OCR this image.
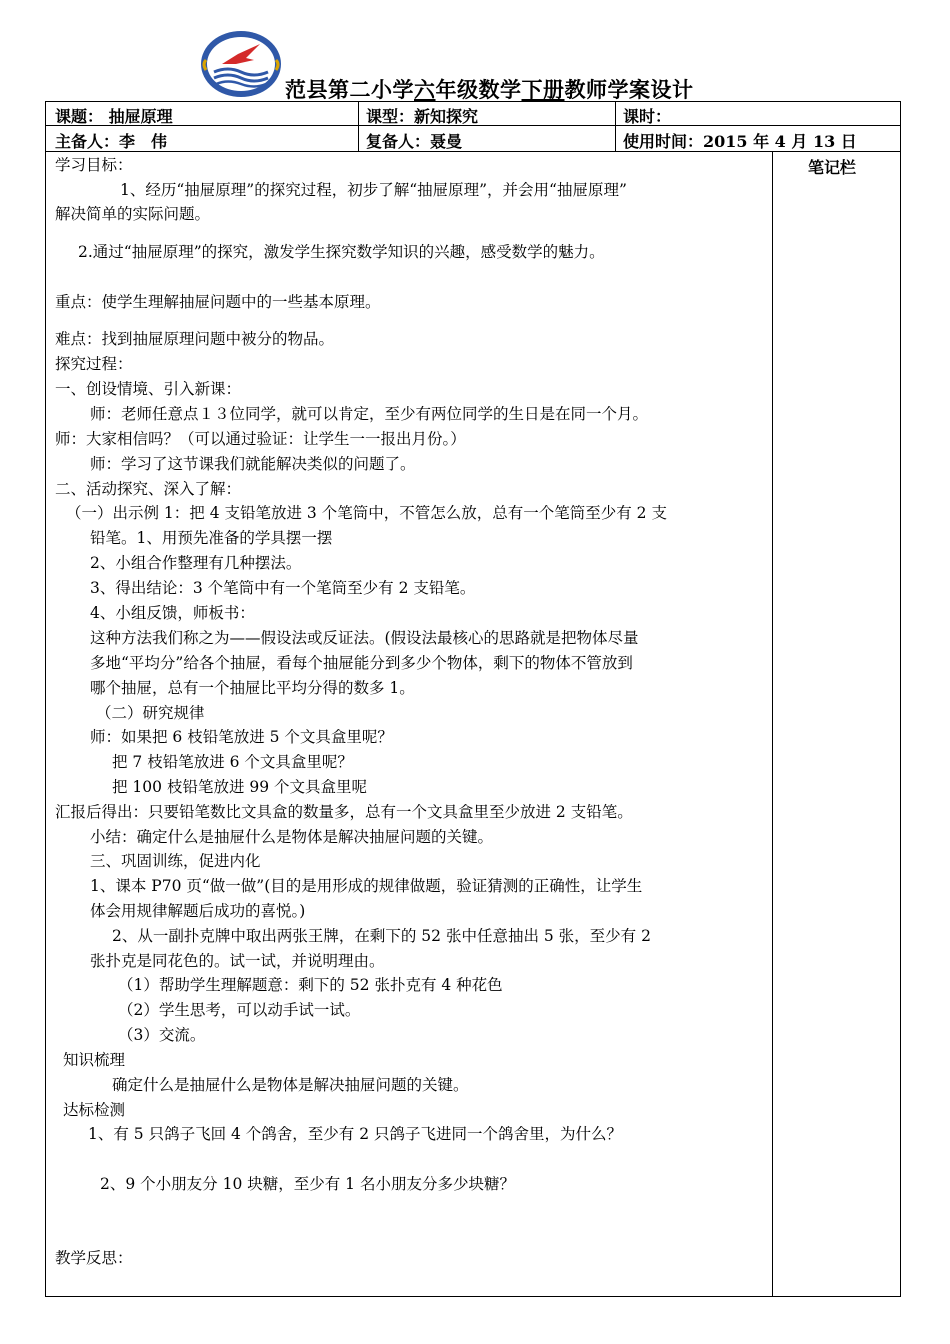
范县第二小学六年级数学下册教师学案设计
课题： 抽屉原理	课型：新知探究	课时：
主备人：李　伟	复备人：聂曼	使用时间：2015 年 4 月 13 日
笔记栏
学习目标：
1、经历“抽屉原理”的探究过程，初步了解“抽屉原理”，并会用“抽屉原理”
解决简单的实际问题。
2.通过“抽屉原理”的探究，激发学生探究数学知识的兴趣，感受数学的魅力。
重点：使学生理解抽屉问题中的一些基本原理。
难点：找到抽屉原理问题中被分的物品。
探究过程：
一、创设情境、引入新课：
师：老师任意点１３位同学，就可以肯定，至少有两位同学的生日是在同一个月。
师：大家相信吗？（可以通过验证：让学生一一报出月份。）
师：学习了这节课我们就能解决类似的问题了。
二、活动探究、深入了解：
（一）出示例 1：把 4 支铅笔放进 3 个笔筒中，不管怎么放，总有一个笔筒至少有 2 支
铅笔。1、用预先准备的学具摆一摆
2、小组合作整理有几种摆法。
3、得出结论：3 个笔筒中有一个笔筒至少有 2 支铅笔。
4、小组反馈，师板书：
这种方法我们称之为——假设法或反证法。(假设法最核心的思路就是把物体尽量
多地“平均分”给各个抽屉，看每个抽屉能分到多少个物体，剩下的物体不管放到
哪个抽屉，总有一个抽屉比平均分得的数多 1。
（二）研究规律
师：如果把 6 枝铅笔放进 5 个文具盒里呢？
把 7 枝铅笔放进 6 个文具盒里呢？
把 100 枝铅笔放进 99 个文具盒里呢
汇报后得出：只要铅笔数比文具盒的数量多，总有一个文具盒里至少放进 2 支铅笔。
小结：确定什么是抽屉什么是物体是解决抽屉问题的关键。
三、巩固训练，促进内化
1、课本 P70 页“做一做”(目的是用形成的规律做题，验证猜测的正确性，让学生
体会用规律解题后成功的喜悦。)
2、从一副扑克牌中取出两张王牌，在剩下的 52 张中任意抽出 5 张，至少有 2
张扑克是同花色的。试一试，并说明理由。
（1）帮助学生理解题意：剩下的 52 张扑克有 4 种花色
（2）学生思考，可以动手试一试。
（3）交流。
知识梳理
确定什么是抽屉什么是物体是解决抽屉问题的关键。
达标检测
1、有 5 只鸽子飞回 4 个鸽舍，至少有 2 只鸽子飞进同一个鸽舍里，为什么？
2、9 个小朋友分 10 块糖，至少有 1 名小朋友分多少块糖？
教学反思：
